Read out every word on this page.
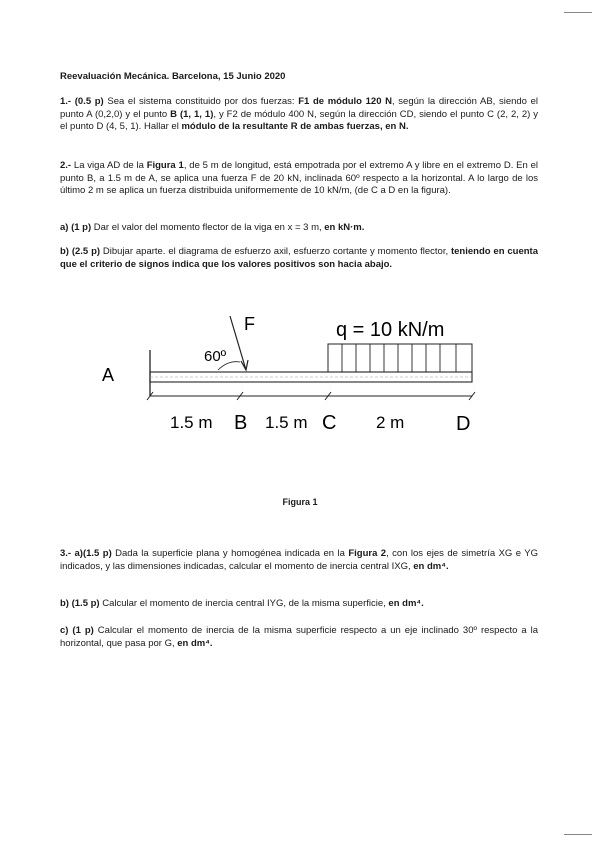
Reevaluación Mecánica. Barcelona, 15 Junio 2020
1.- (0.5 p) Sea el sistema constituido por dos fuerzas: F1 de módulo 120 N, según la dirección AB, siendo el punto A (0,2,0) y el punto B (1, 1, 1), y F2 de módulo 400 N, según la dirección CD, siendo el punto C (2, 2, 2) y el punto D (4, 5, 1). Hallar el módulo de la resultante R de ambas fuerzas, en N.
2.- La viga AD de la Figura 1, de 5 m de longitud, está empotrada por el extremo A y libre en el extremo D. En el punto B, a 1.5 m de A, se aplica una fuerza F de 20 kN, inclinada 60º respecto a la horizontal. A lo largo de los último 2 m se aplica un fuerza distribuida uniformemente de 10 kN/m, (de C a D en la figura).
a) (1 p) Dar el valor del momento flector de la viga en x = 3 m, en kN·m.
b) (2.5 p) Dibujar aparte. el diagrama de esfuerzo axil, esfuerzo cortante y momento flector, teniendo en cuenta que el criterio de signos indica que los valores positivos son hacia abajo.
F
60º
q = 10 kN/m
A
1.5 m B 1.5 m C 2 m	D
Figura 1
3.- a)(1.5 p) Dada la superficie plana y homogénea indicada en la Figura 2, con los ejes de simetría XG e YG indicados, y las dimensiones indicadas, calcular el momento de inercia central IXG, en dm⁴.
b) (1.5 p) Calcular el momento de inercia central IYG, de la misma superficie, en dm⁴.
c) (1 p) Calcular el momento de inercia de la misma superficie respecto a un eje inclinado 30º respecto a la horizontal, que pasa por G, en dm⁴.
